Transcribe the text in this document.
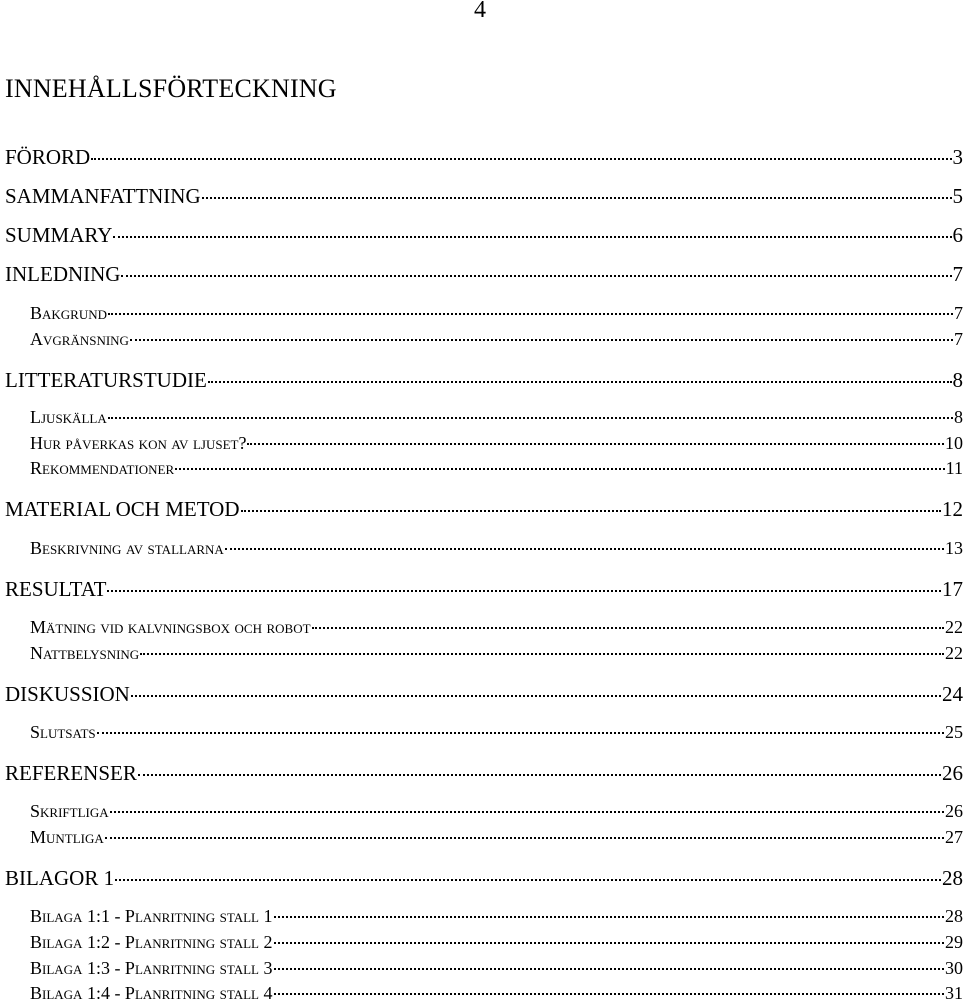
4
INNEHÅLLSFÖRTECKNING
FÖRORD	3
SAMMANFATTNING	5
SUMMARY	6
INLEDNING	7
Bakgrund	7
Avgränsning	7
LITTERATURSTUDIE	8
Ljuskälla	8
Hur påverkas kon av ljuset?	10
Rekommendationer	11
MATERIAL OCH METOD	12
Beskrivning av stallarna	13
RESULTAT	17
Mätning vid kalvningsbox och robot	22
Nattbelysning	22
DISKUSSION	24
Slutsats	25
REFERENSER	26
Skriftliga	26
Muntliga	27
BILAGOR 1	28
Bilaga 1:1 - Planritning stall 1	28
Bilaga 1:2 - Planritning stall 2	29
Bilaga 1:3 - Planritning stall 3	30
Bilaga 1:4 - Planritning stall 4	31
